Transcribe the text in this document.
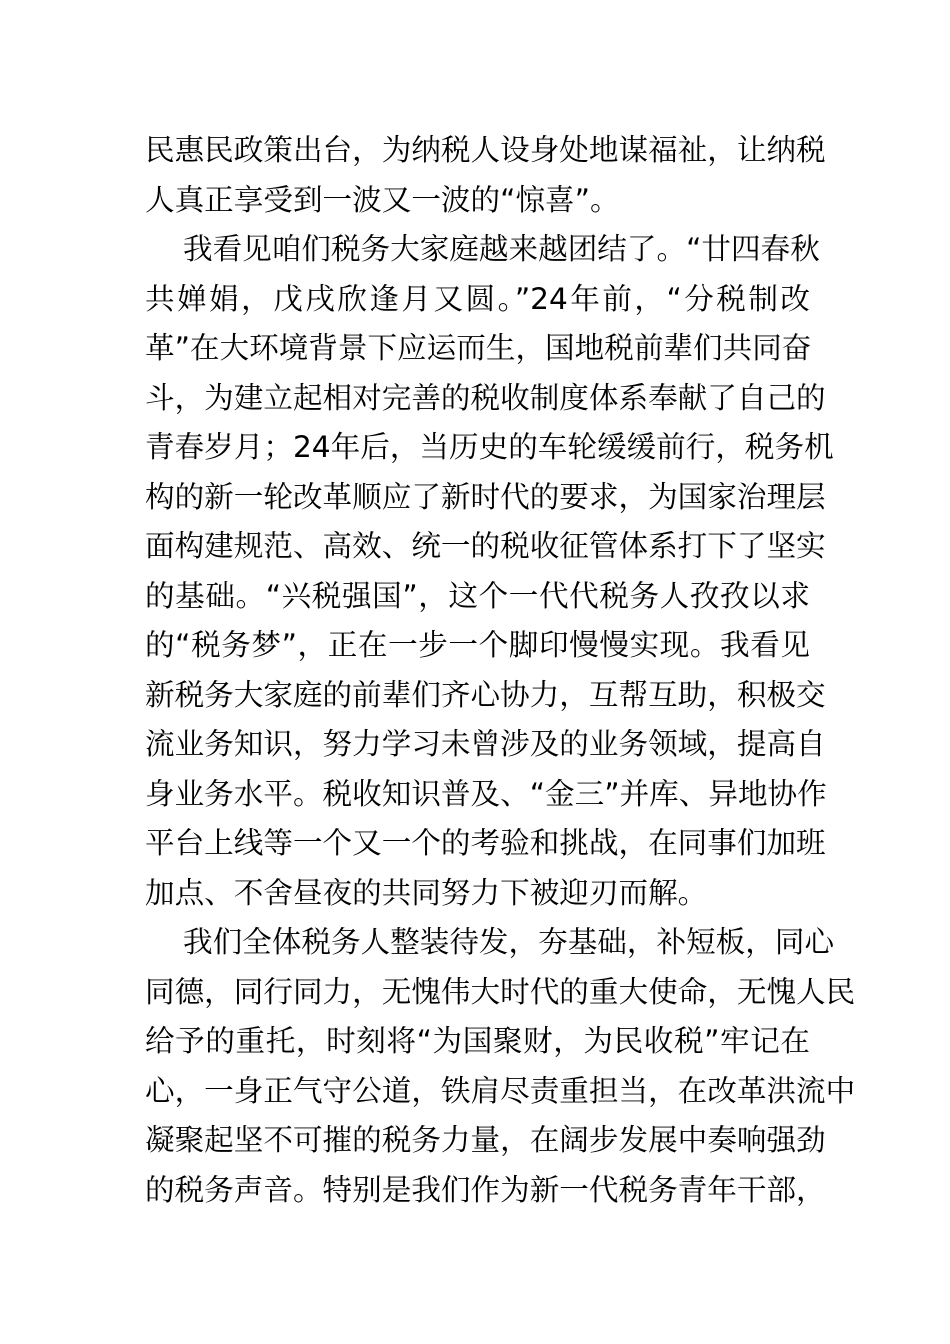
民惠民政策出台，为纳税人设身处地谋福祉，让纳税
人真正享受到一波又一波的“惊喜”。
我看见咱们税务大家庭越来越团结了。“廿四春秋
共婵娟，戊戌欣逢月又圆。”24年前，“分税制改
革”在大环境背景下应运而生，国地税前辈们共同奋
斗，为建立起相对完善的税收制度体系奉献了自己的
青春岁月；24年后，当历史的车轮缓缓前行，税务机
构的新一轮改革顺应了新时代的要求，为国家治理层
面构建规范、高效、统一的税收征管体系打下了坚实
的基础。“兴税强国”，这个一代代税务人孜孜以求
的“税务梦”，正在一步一个脚印慢慢实现。我看见
新税务大家庭的前辈们齐心协力，互帮互助，积极交
流业务知识，努力学习未曾涉及的业务领域，提高自
身业务水平。税收知识普及、“金三”并库、异地协作
平台上线等一个又一个的考验和挑战，在同事们加班
加点、不舍昼夜的共同努力下被迎刃而解。
我们全体税务人整装待发，夯基础，补短板，同心
同德，同行同力，无愧伟大时代的重大使命，无愧人民
给予的重托，时刻将“为国聚财，为民收税”牢记在
心，一身正气守公道，铁肩尽责重担当，在改革洪流中
凝聚起坚不可摧的税务力量，在阔步发展中奏响强劲
的税务声音。特别是我们作为新一代税务青年干部，
